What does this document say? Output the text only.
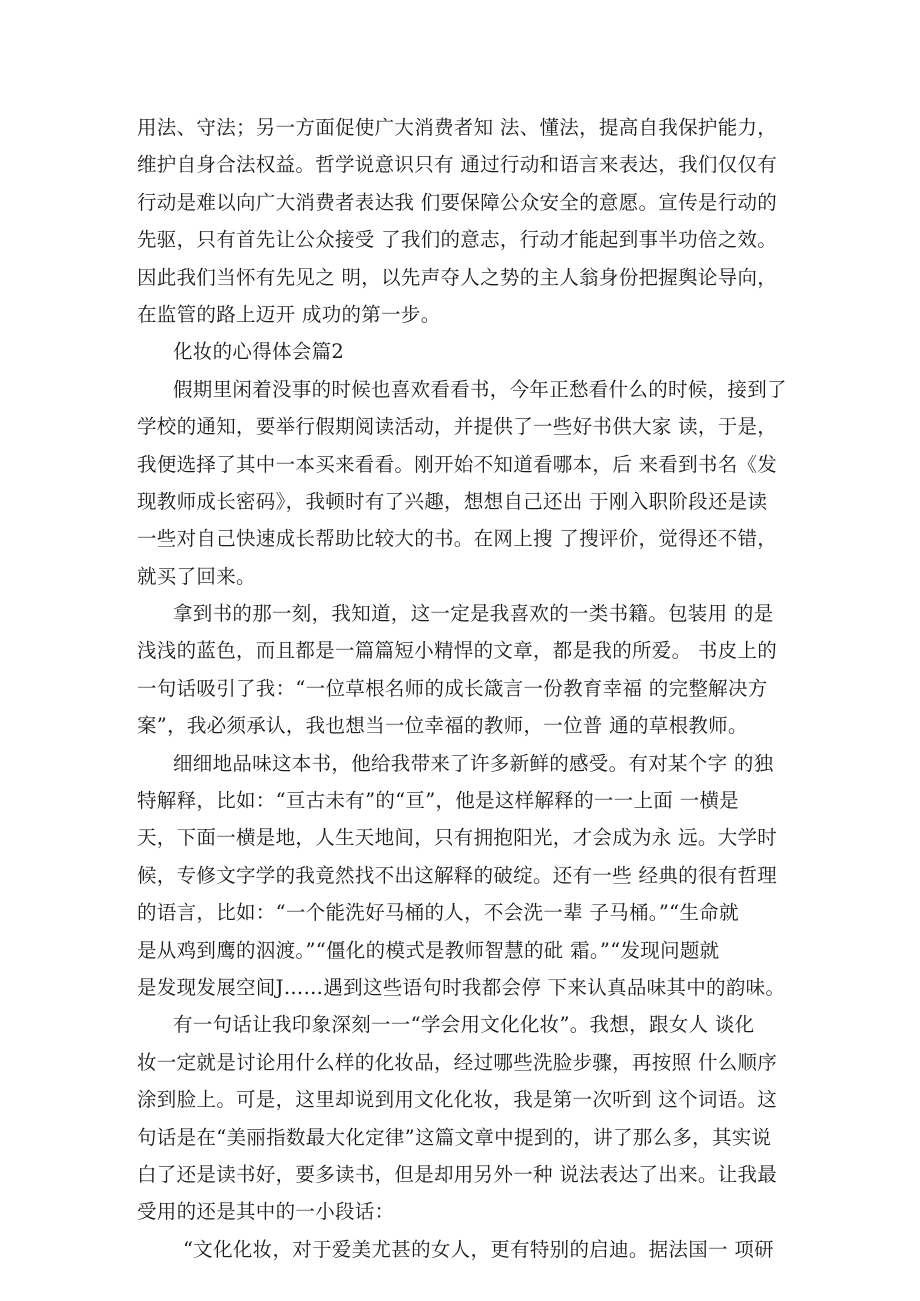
用法、守法；另一方面促使广大消费者知 法、懂法，提高自我保护能力，
维护自身合法权益。哲学说意识只有 通过行动和语言来表达，我们仅仅有
行动是难以向广大消费者表达我 们要保障公众安全的意愿。宣传是行动的
先驱，只有首先让公众接受 了我们的意志，行动才能起到事半功倍之效。
因此我们当怀有先见之 明，以先声夺人之势的主人翁身份把握舆论导向，
在监管的路上迈开 成功的第一步。
化妆的心得体会篇2
假期里闲着没事的时候也喜欢看看书，今年正愁看什么的时候，接到了
学校的通知，要举行假期阅读活动，并提供了一些好书供大家 读，于是，
我便选择了其中一本买来看看。刚开始不知道看哪本，后 来看到书名《发
现教师成长密码》，我顿时有了兴趣，想想自己还出 于刚入职阶段还是读
一些对自己快速成长帮助比较大的书。在网上搜 了搜评价，觉得还不错，
就买了回来。
拿到书的那一刻，我知道，这一定是我喜欢的一类书籍。包装用 的是
浅浅的蓝色，而且都是一篇篇短小精悍的文章，都是我的所爱。 书皮上的
一句话吸引了我：“一位草根名师的成长箴言一份教育幸福 的完整解决方
案”，我必须承认，我也想当一位幸福的教师，一位普 通的草根教师。
细细地品味这本书，他给我带来了许多新鲜的感受。有对某个字 的独
特解释，比如：“亘古未有”的“亘”，他是这样解释的一一上面 一横是
天，下面一横是地，人生天地间，只有拥抱阳光，才会成为永 远。大学时
候，专修文字学的我竟然找不出这解释的破绽。还有一些 经典的很有哲理
的语言，比如：“一个能洗好马桶的人，不会洗一辈 子马桶。”“生命就
是从鸡到鹰的泅渡。”“僵化的模式是教师智慧的砒 霜。”“发现问题就
是发现发展空间J……遇到这些语句时我都会停 下来认真品味其中的韵味。
有一句话让我印象深刻一一“学会用文化化妆”。我想，跟女人 谈化
妆一定就是讨论用什么样的化妆品，经过哪些洗脸步骤，再按照 什么顺序
涂到脸上。可是，这里却说到用文化化妆，我是第一次听到 这个词语。这
句话是在“美丽指数最大化定律”这篇文章中提到的，讲了那么多，其实说
白了还是读书好，要多读书，但是却用另外一种 说法表达了出来。让我最
受用的还是其中的一小段话：
“文化化妆，对于爱美尤甚的女人，更有特别的启迪。据法国一 项研
